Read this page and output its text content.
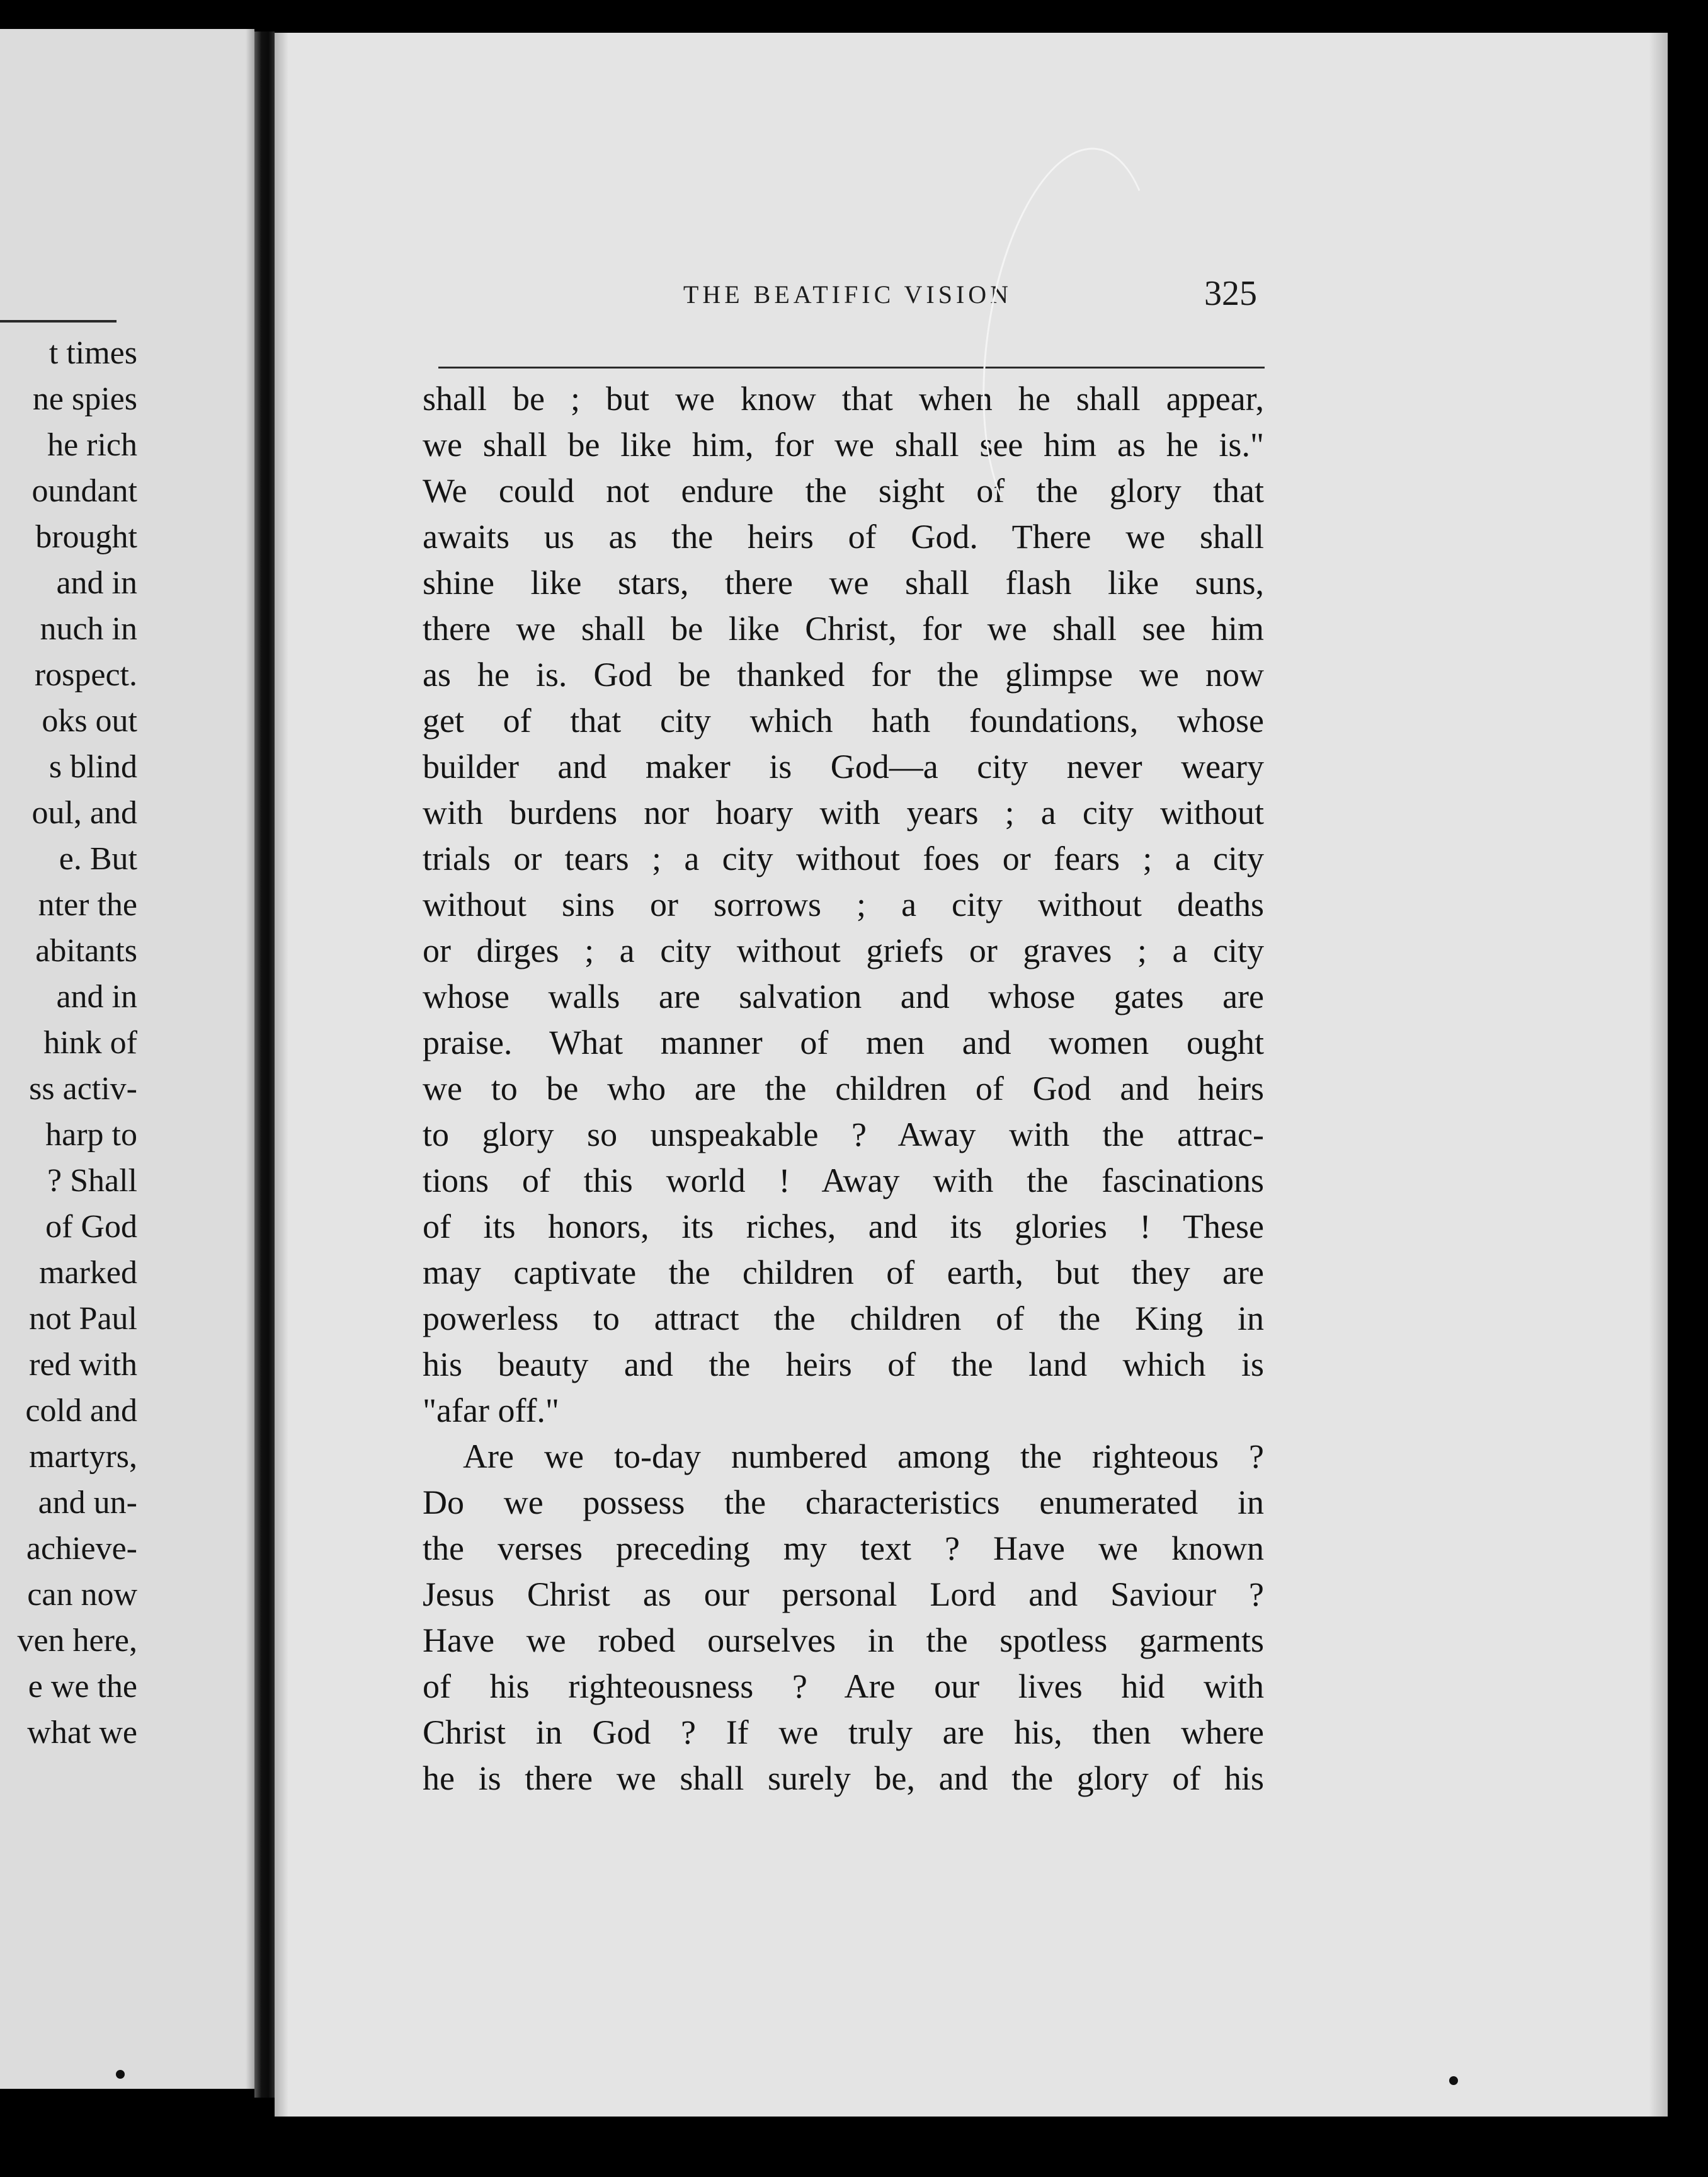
t times
ne spies
he rich
oundant
brought
and in
nuch in
rospect.
oks out
s blind
oul, and
e. But
nter the
abitants
and in
hink of
ss activ-
harp to
? Shall
of God
marked
not Paul
red with
cold and
martyrs,
and un-
achieve-
can now
ven here,
e we the
what we
THE BEATIFIC VISION	325
shall be ; but we know that when he shall appear,
we shall be like him, for we shall see him as he is."
We could not endure the sight of the glory that
awaits us as the heirs of God. There we shall
shine like stars, there we shall flash like suns,
there we shall be like Christ, for we shall see him
as he is. God be thanked for the glimpse we now
get of that city which hath foundations, whose
builder and maker is God—a city never weary
with burdens nor hoary with years ; a city without
trials or tears ; a city without foes or fears ; a city
without sins or sorrows ; a city without deaths
or dirges ; a city without griefs or graves ; a city
whose walls are salvation and whose gates are
praise. What manner of men and women ought
we to be who are the children of God and heirs
to glory so unspeakable ? Away with the attrac-
tions of this world ! Away with the fascinations
of its honors, its riches, and its glories ! These
may captivate the children of earth, but they are
powerless to attract the children of the King in
his beauty and the heirs of the land which is
"afar off."
Are we to-day numbered among the righteous ?
Do we possess the characteristics enumerated in
the verses preceding my text ? Have we known
Jesus Christ as our personal Lord and Saviour ?
Have we robed ourselves in the spotless garments
of his righteousness ? Are our lives hid with
Christ in God ? If we truly are his, then where
he is there we shall surely be, and the glory of his
